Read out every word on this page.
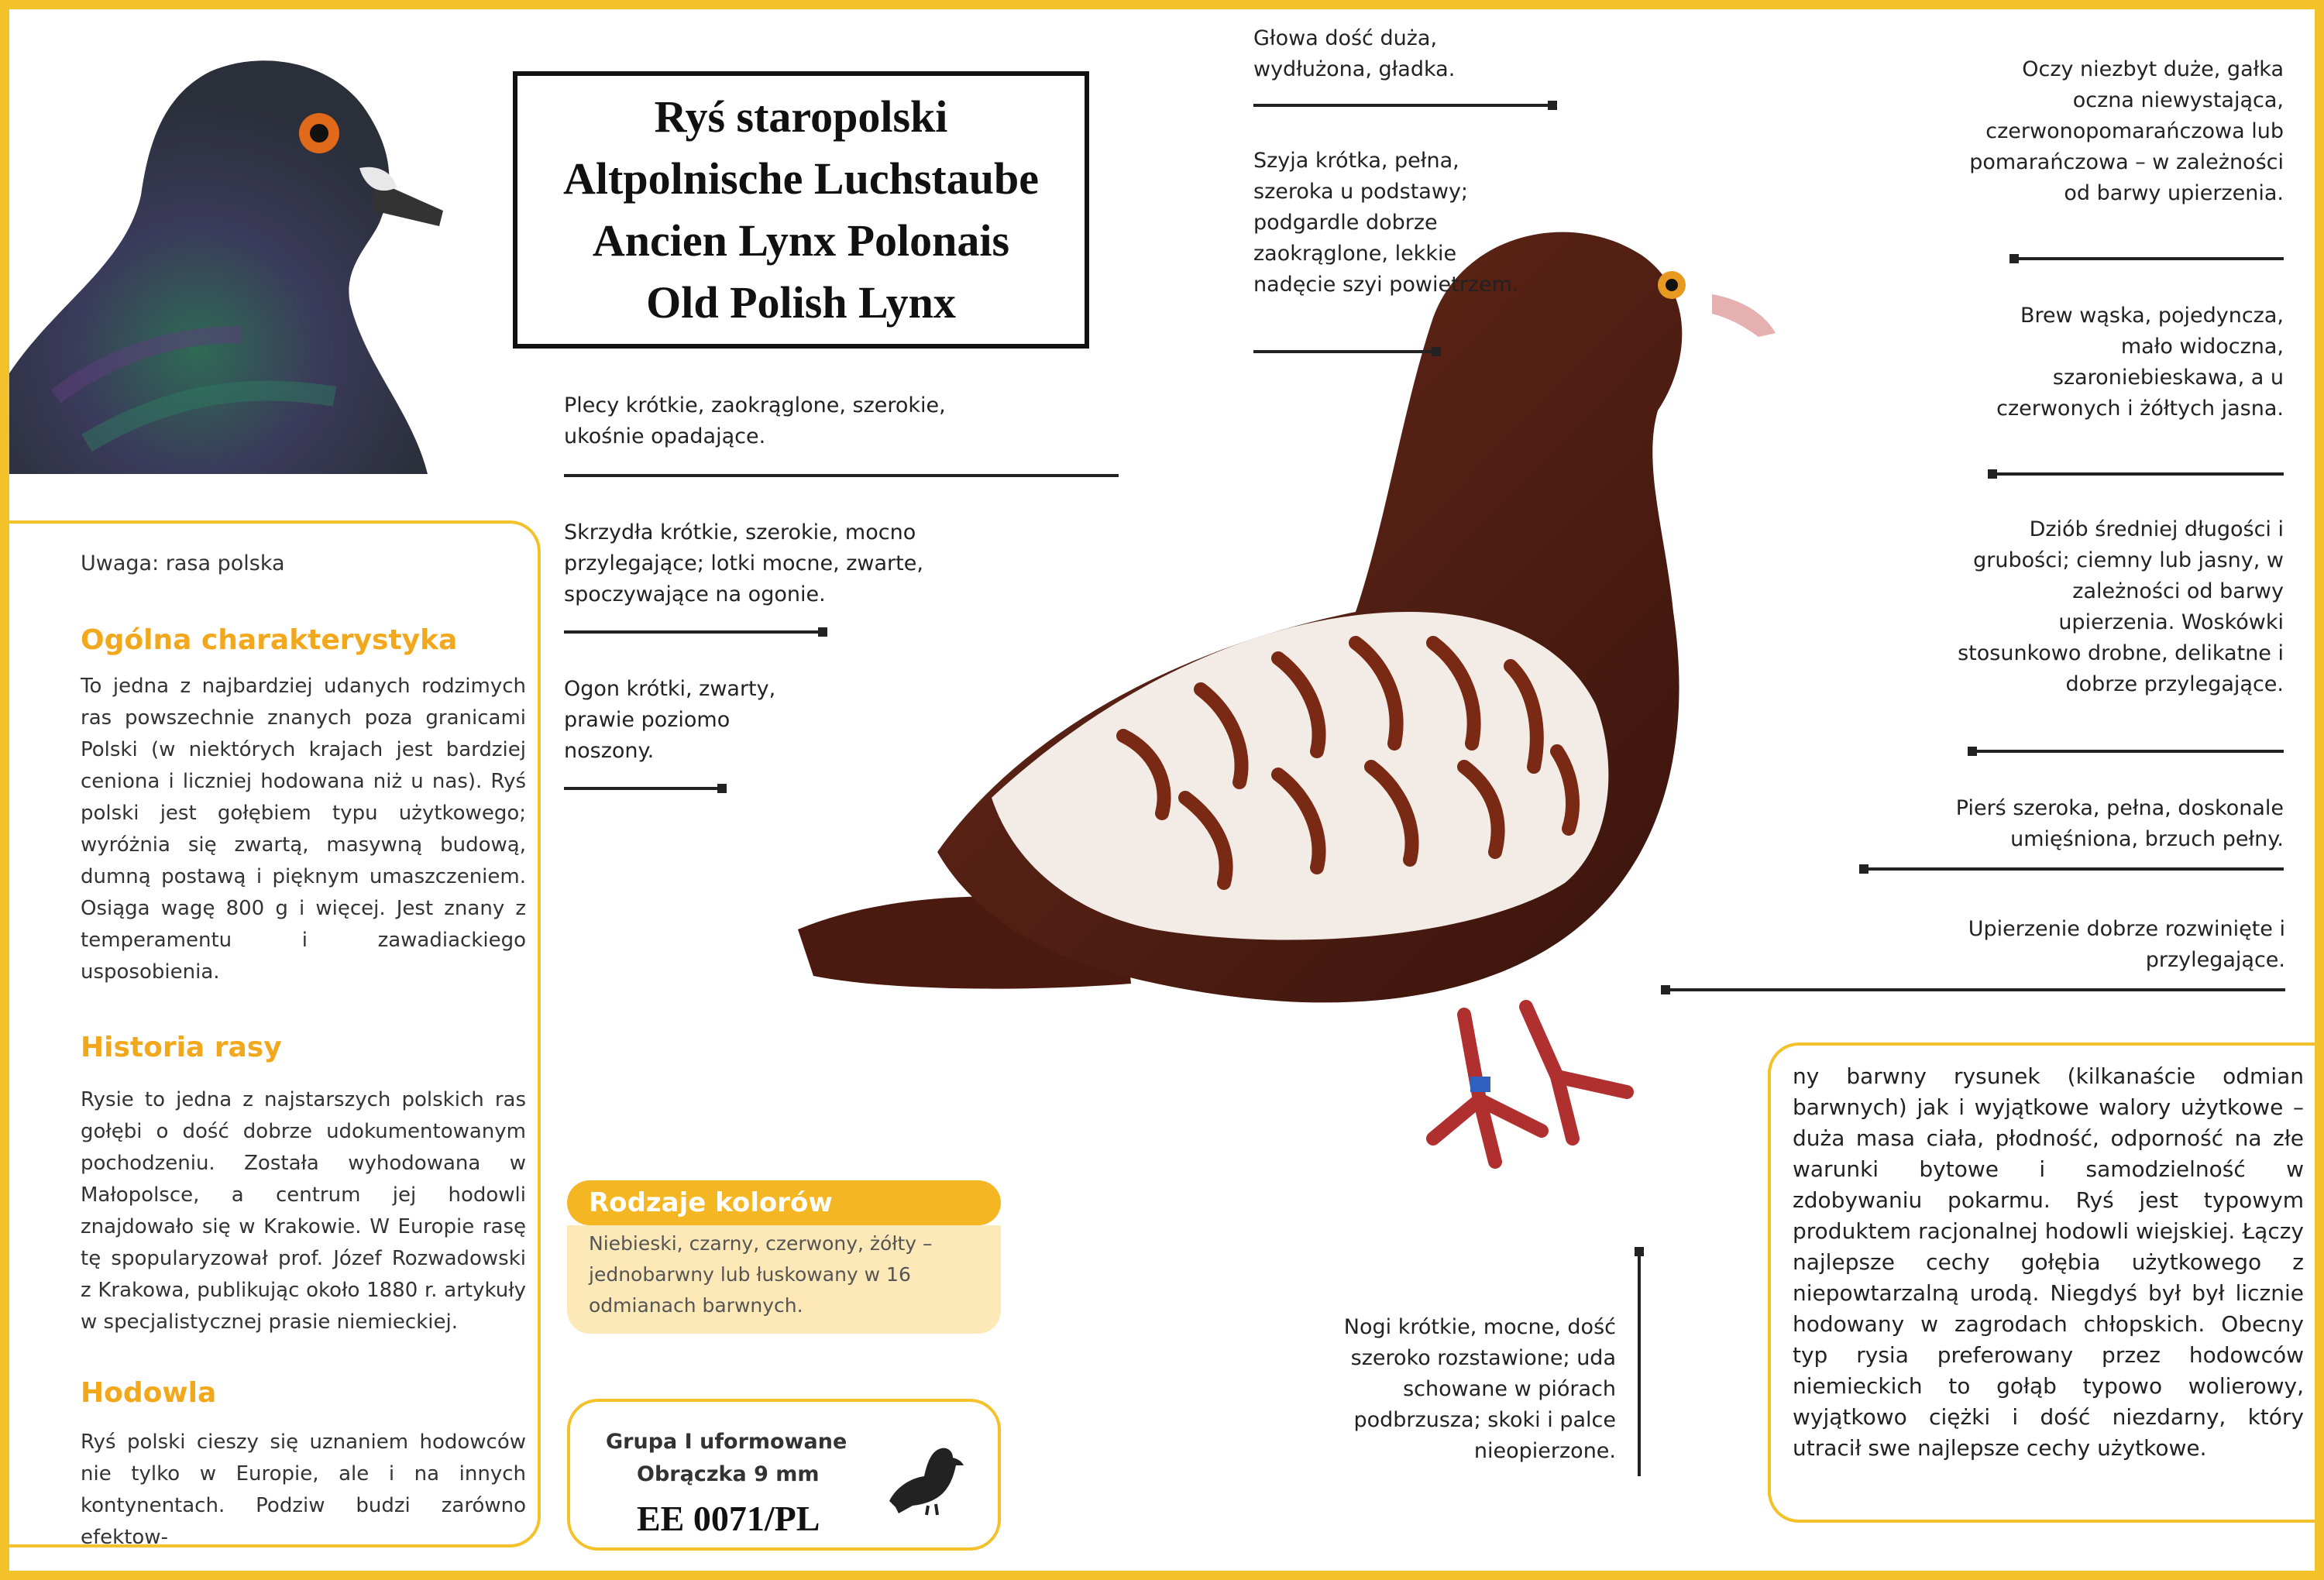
Ryś staropolski
Altpolnische Luchstaube
Ancien Lynx Polonais
Old Polish Lynx
Uwaga: rasa polska
Ogólna charakterystyka
To jedna z najbardziej udanych rodzimych ras powszechnie znanych poza granicami Polski (w niektórych krajach jest bardziej ceniona i liczniej hodowana niż u nas). Ryś polski jest gołębiem typu użytkowego; wyróżnia się zwartą, masywną budową, dumną postawą i pięknym umaszczeniem. Osiąga wagę 800 g i więcej. Jest znany z temperamentu i zawadiackiego usposobienia.
Historia rasy
Rysie to jedna z najstarszych polskich ras gołębi o dość dobrze udokumentowanym pochodzeniu. Została wyhodowana w Małopolsce, a centrum jej hodowli znajdowało się w Krakowie. W Europie rasę tę spopularyzował prof. Józef Rozwadowski z Krakowa, publikując około 1880 r. artykuły w specjalistycznej prasie niemieckiej.
Hodowla
Ryś polski cieszy się uznaniem hodowców nie tylko w Europie, ale i na innych kontynentach. Podziw budzi zarówno efektow-
Rodzaje kolorów
Niebieski, czarny, czerwony, żółty – jednobarwny lub łuskowany w 16 odmianach barwnych.
Grupa I uformowane
Obrączka 9 mm
EE 0071/PL
Plecy krótkie, zaokrąglone, szerokie, ukośnie opadające.
Skrzydła krótkie, szerokie, mocno przylegające; lotki mocne, zwarte, spoczywające na ogonie.
Ogon krótki, zwarty, prawie poziomo noszony.
Głowa dość duża, wydłużona, gładka.
Szyja krótka, pełna, szeroka u podstawy; podgardle dobrze zaokrąglone, lekkie nadęcie szyi powietrzem.
Oczy niezbyt duże, gałka oczna niewystająca, czerwonopomarańczowa lub pomarańczowa – w zależności od barwy upierzenia.
Brew wąska, pojedyncza, mało widoczna, szaroniebieskawa, a u czerwonych i żółtych jasna.
Dziób średniej długości i grubości; ciemny lub jasny, w zależności od barwy upierzenia. Woskówki stosunkowo drobne, delikatne i dobrze przylegające.
Pierś szeroka, pełna, doskonale umięśniona, brzuch pełny.
Upierzenie dobrze rozwinięte i przylegające.
Nogi krótkie, mocne, dość szeroko rozstawione; uda schowane w piórach podbrzusza; skoki i palce nieopierzone.
ny barwny rysunek (kilkanaście odmian barwnych) jak i wyjątkowe walory użytkowe – duża masa ciała, płodność, odporność na złe warunki bytowe i samodzielność w zdobywaniu pokarmu. Ryś jest typowym produktem racjonalnej hodowli wiejskiej. Łączy najlepsze cechy gołębia użytkowego z niepowtarzalną urodą. Niegdyś był był licznie hodowany w zagrodach chłopskich. Obecny typ rysia preferowany przez hodowców niemieckich to gołąb typowo wolierowy, wyjątkowo ciężki i dość niezdarny, który utracił swe najlepsze cechy użytkowe.
